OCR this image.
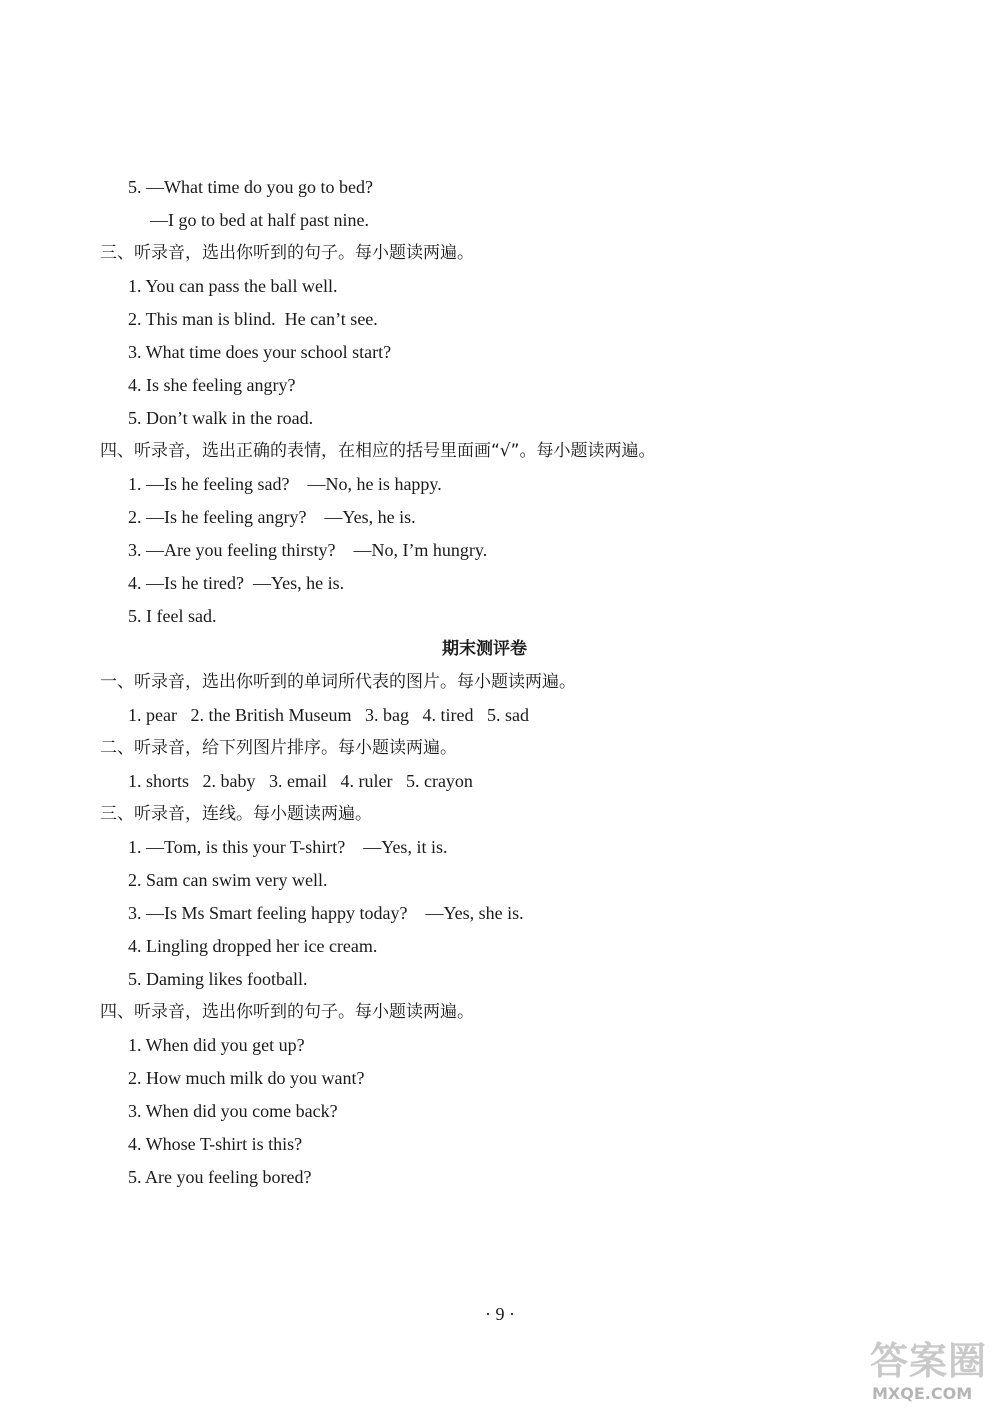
5. —What time do you go to bed?
—I go to bed at half past nine.
三、听录音，选出你听到的句子。每小题读两遍。
1. You can pass the ball well.
2. This man is blind.  He can’t see.
3. What time does your school start?
4. Is she feeling angry?
5. Don’t walk in the road.
四、听录音，选出正确的表情，在相应的括号里面画“√”。每小题读两遍。
1. —Is he feeling sad?    —No, he is happy.
2. —Is he feeling angry?    —Yes, he is.
3. —Are you feeling thirsty?    —No, I’m hungry.
4. —Is he tired?  —Yes, he is.
5. I feel sad.
期末测评卷
一、听录音，选出你听到的单词所代表的图片。每小题读两遍。
1. pear   2. the British Museum   3. bag   4. tired   5. sad
二、听录音，给下列图片排序。每小题读两遍。
1. shorts   2. baby   3. email   4. ruler   5. crayon
三、听录音，连线。每小题读两遍。
1. —Tom, is this your T-shirt?    —Yes, it is.
2. Sam can swim very well.
3. —Is Ms Smart feeling happy today?    —Yes, she is.
4. Lingling dropped her ice cream.
5. Daming likes football.
四、听录音，选出你听到的句子。每小题读两遍。
1. When did you get up?
2. How much milk do you want?
3. When did you come back?
4. Whose T-shirt is this?
5. Are you feeling bored?
· 9 ·
答案圈
MXQE.COM
